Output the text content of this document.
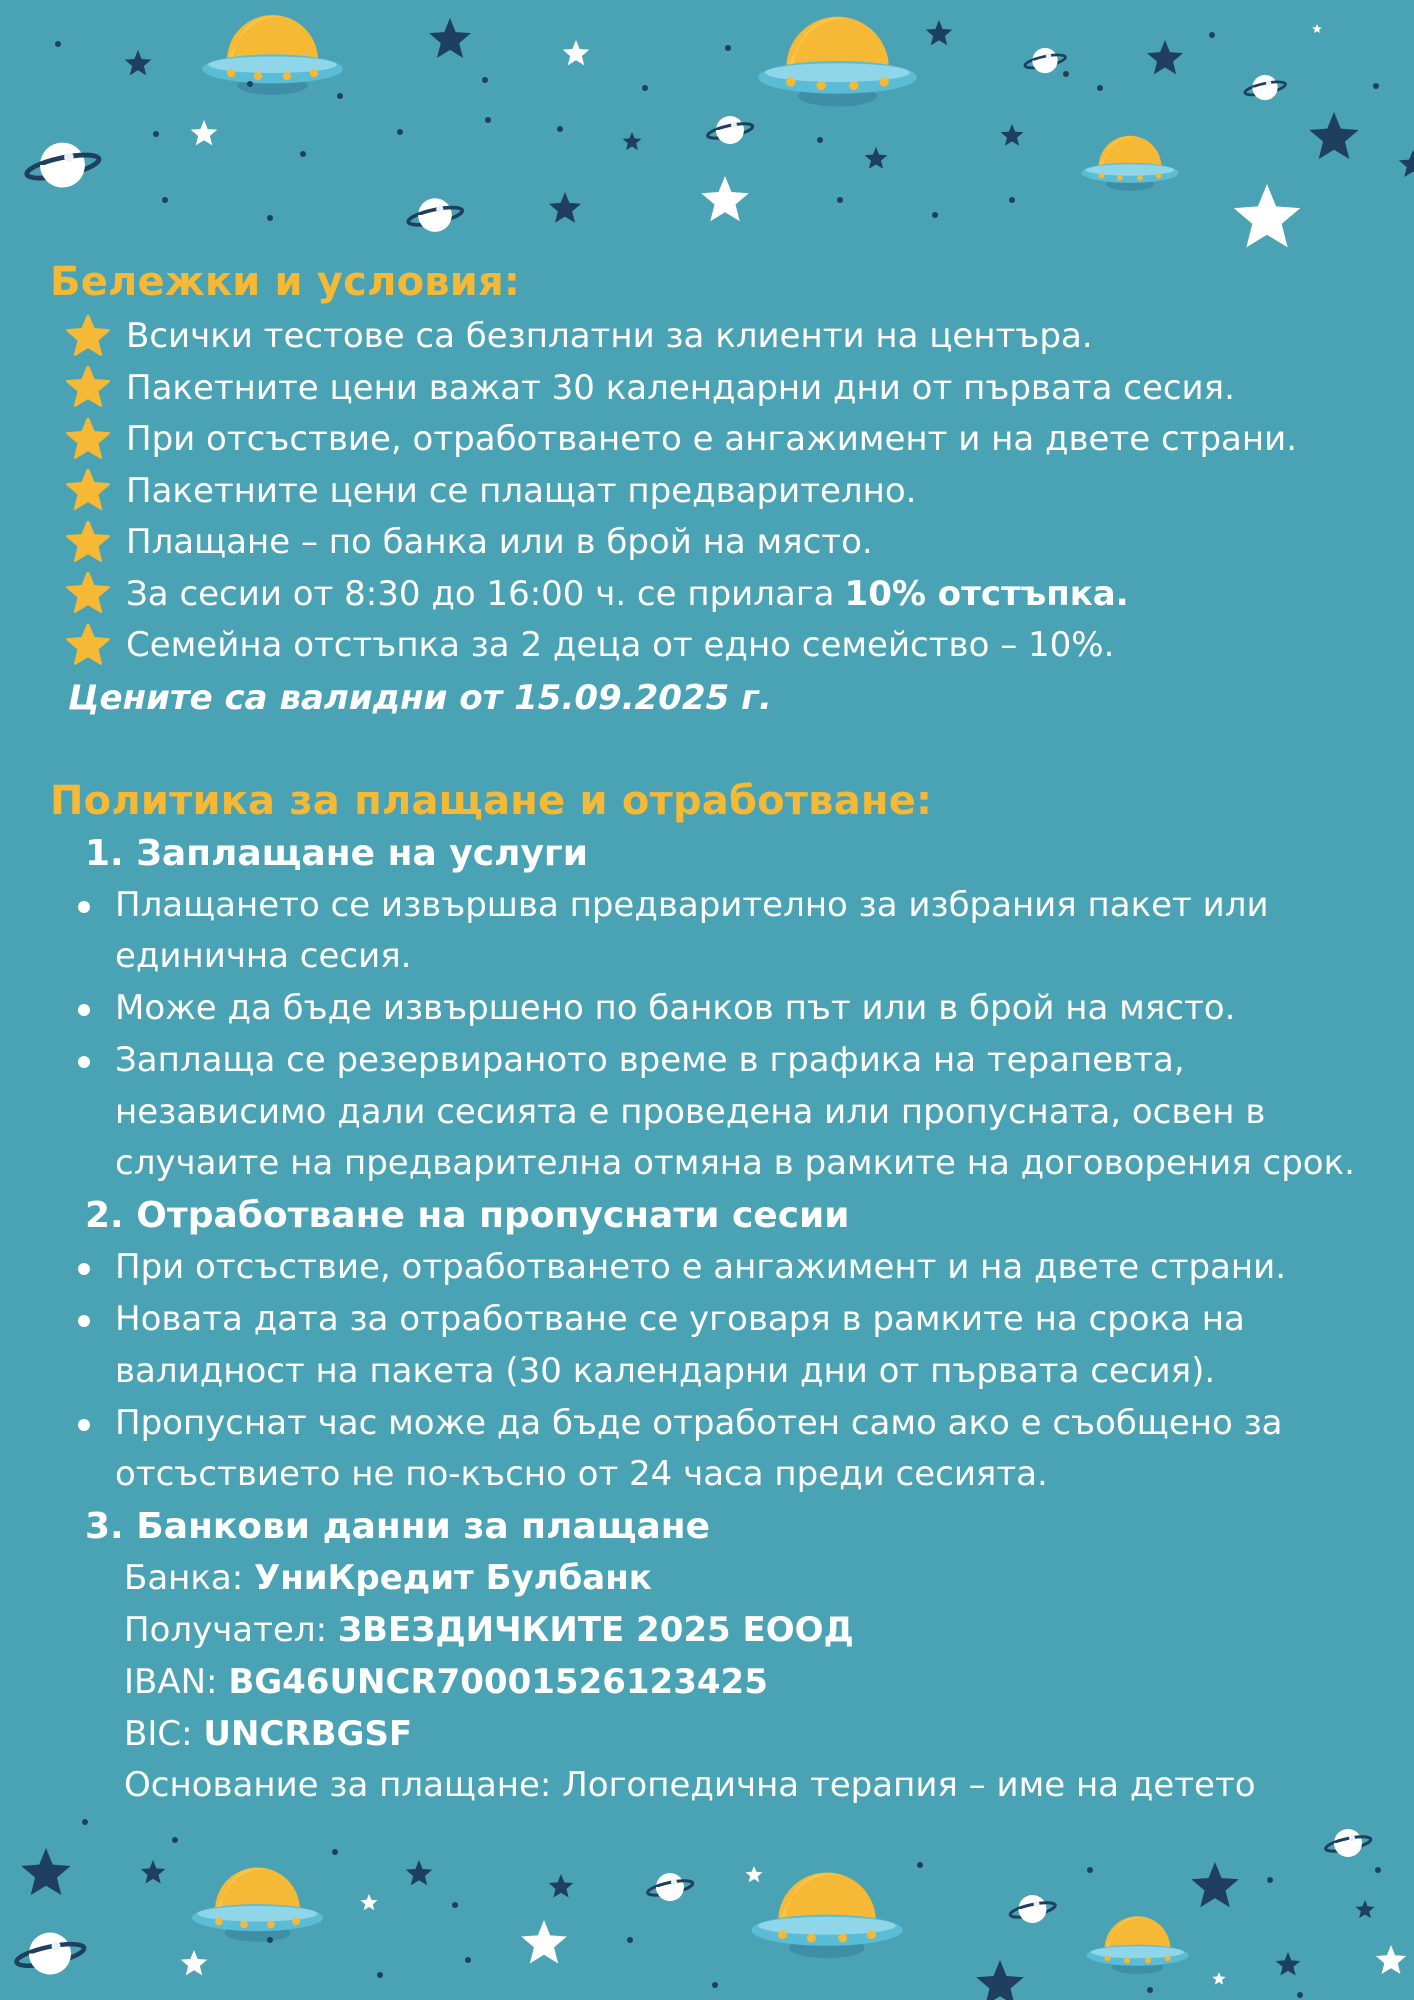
Бележки и условия:
Всички тестове са безплатни за клиенти на центъра.
Пакетните цени важат 30 календарни дни от първата сесия.
При отсъствие, отработването е ангажимент и на двете страни.
Пакетните цени се плащат предварително.
Плащане – по банка или в брой на място.
За сесии от 8:30 до 16:00 ч. се прилага 10% отстъпка.
Семейна отстъпка за 2 деца от едно семейство – 10%.

Цените са валидни от 15.09.2025 г.

Политика за плащане и отработване:
1. Заплащане на услуги
Плащането се извършва предварително за избрания пакет или
единична сесия.
Може да бъде извършено по банков път или в брой на място.
Заплаща се резервираното време в графика на терапевта,
независимо дали сесията е проведена или пропусната, освен в
случаите на предварителна отмяна в рамките на договорения срок.
2. Отработване на пропуснати сесии
При отсъствие, отработването е ангажимент и на двете страни.
Новата дата за отработване се уговаря в рамките на срока на
валидност на пакета (30 календарни дни от първата сесия).
Пропуснат час може да бъде отработен само ако е съобщено за
отсъствието не по-късно от 24 часа преди сесията.
3. Банкови данни за плащане
Банка: УниКредит Булбанк
Получател: ЗВЕЗДИЧКИТЕ 2025 ЕООД
IBAN: BG46UNCR70001526123425
BIC: UNCRBGSF
Основание за плащане: Логопедична терапия – име на детето
